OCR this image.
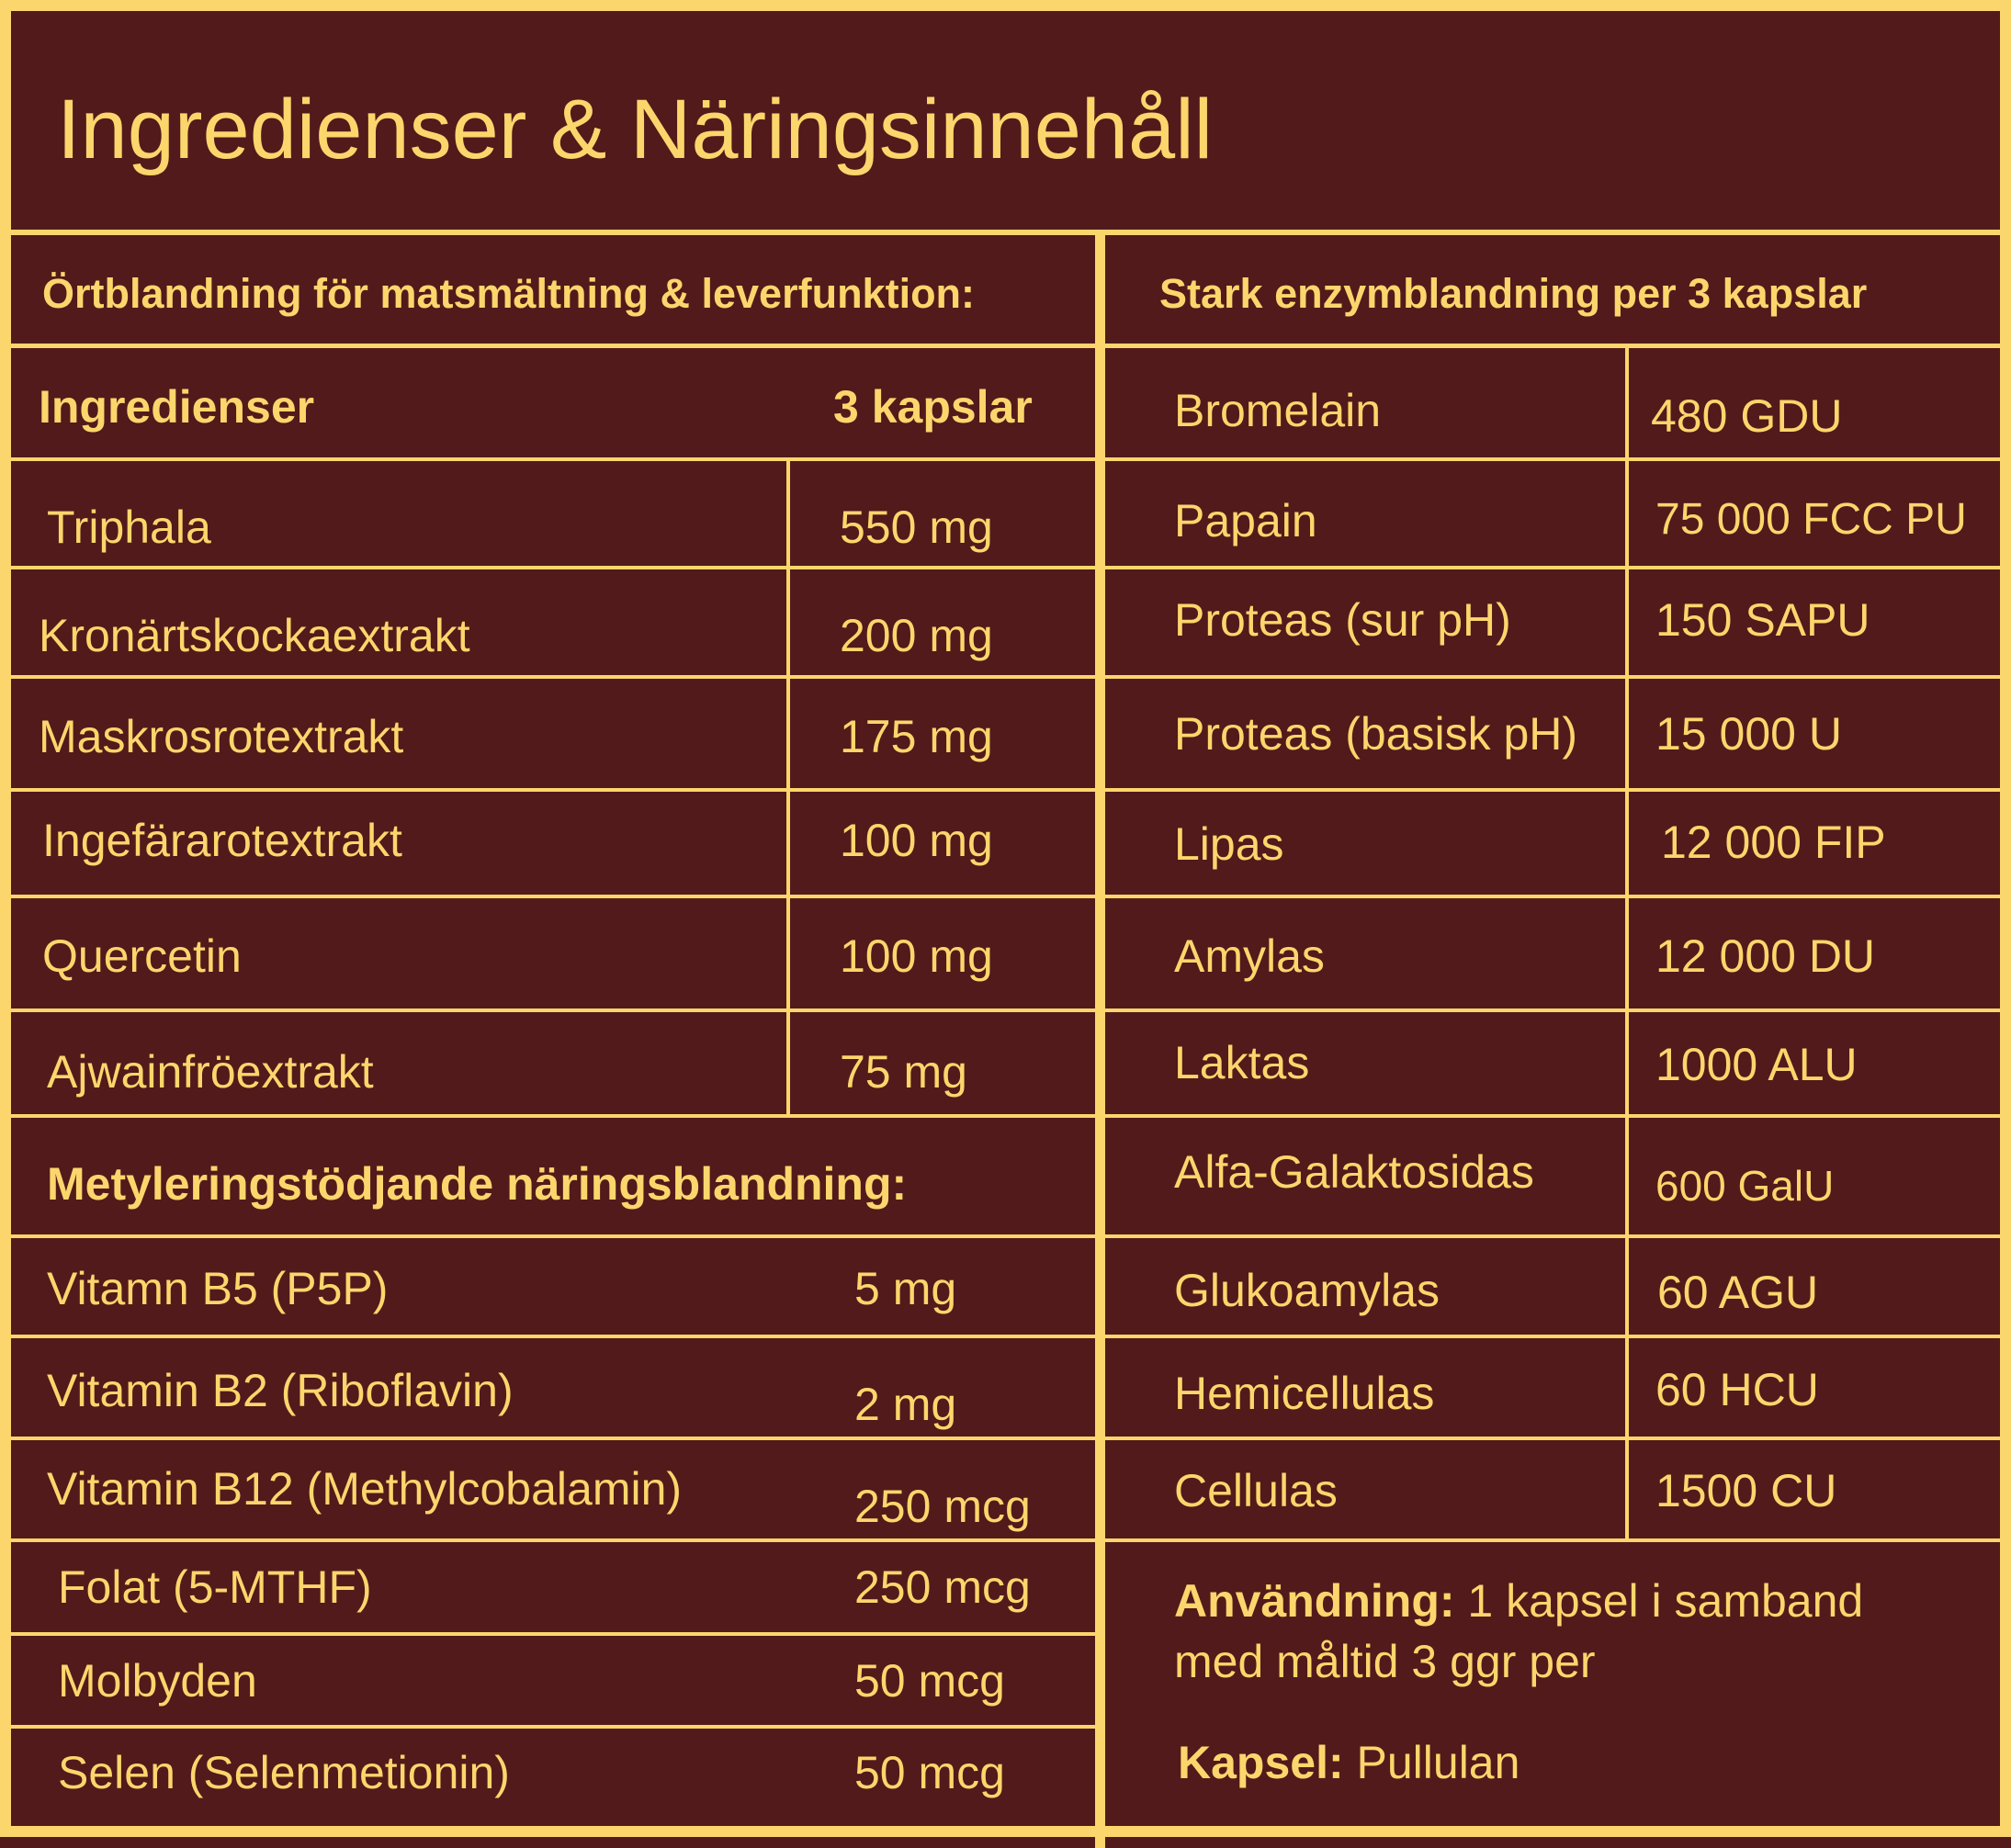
Ingredienser & Näringsinnehåll
Örtblandning för matsmältning & leverfunktion:
Ingredienser	3 kapslar
Triphala	550 mg
Kronärtskockaextrakt	200 mg
Maskrosrotextrakt	175 mg
Ingefärarotextrakt	100 mg
Quercetin	100 mg
Ajwainfröextrakt	75 mg
Metyleringstödjande näringsblandning:
Vitamn B5 (P5P)	5 mg
Vitamin B2 (Riboflavin)	2 mg
Vitamin B12 (Methylcobalamin)	250 mcg
Folat (5-MTHF)	250 mcg
Molbyden	50 mcg
Selen (Selenmetionin)	50 mcg
Stark enzymblandning per 3 kapslar
Bromelain	480 GDU
Papain	75 000 FCC PU
Proteas (sur pH)	150 SAPU
Proteas (basisk pH) 15 000 U
Lipas	12 000 FIP
Amylas	12 000 DU
Laktas	1000 ALU
Alfa-Galaktosidas	600 GalU
Glukoamylas	60 AGU
Hemicellulas	60 HCU
Cellulas	1500 CU
Användning: 1 kapsel i samband
med måltid 3 ggr per
Kapsel: Pullulan
